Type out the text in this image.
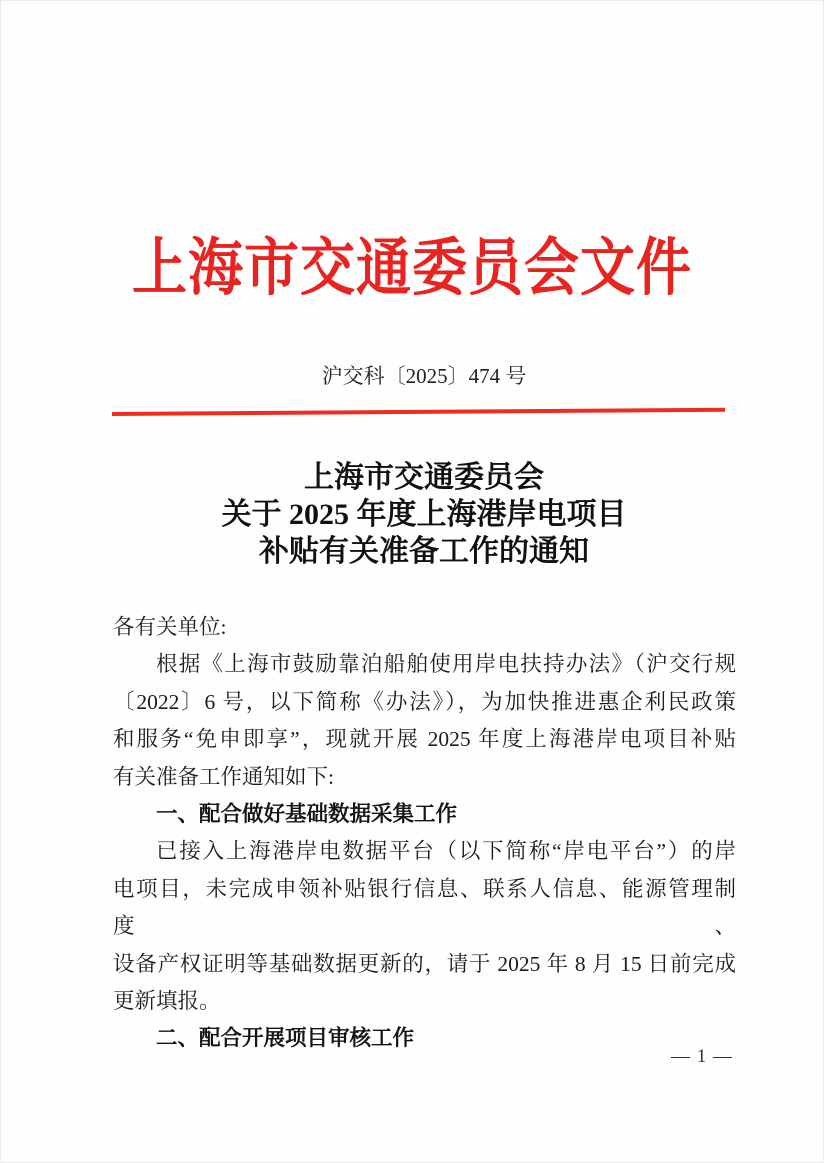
上海市交通委员会文件
沪交科〔2025〕474 号
上海市交通委员会
关于 2025 年度上海港岸电项目
补贴有关准备工作的通知
各有关单位:
根据《上海市鼓励靠泊船舶使用岸电扶持办法》（沪交行规
〔2022〕6 号，以下简称《办法》），为加快推进惠企利民政策
和服务“免申即享”，现就开展 2025 年度上海港岸电项目补贴
有关准备工作通知如下:
一、配合做好基础数据采集工作
已接入上海港岸电数据平台（以下简称“岸电平台”）的岸
电项目，未完成申领补贴银行信息、联系人信息、能源管理制度、
设备产权证明等基础数据更新的，请于 2025 年 8 月 15 日前完成
更新填报。
二、配合开展项目审核工作
— 1 —
